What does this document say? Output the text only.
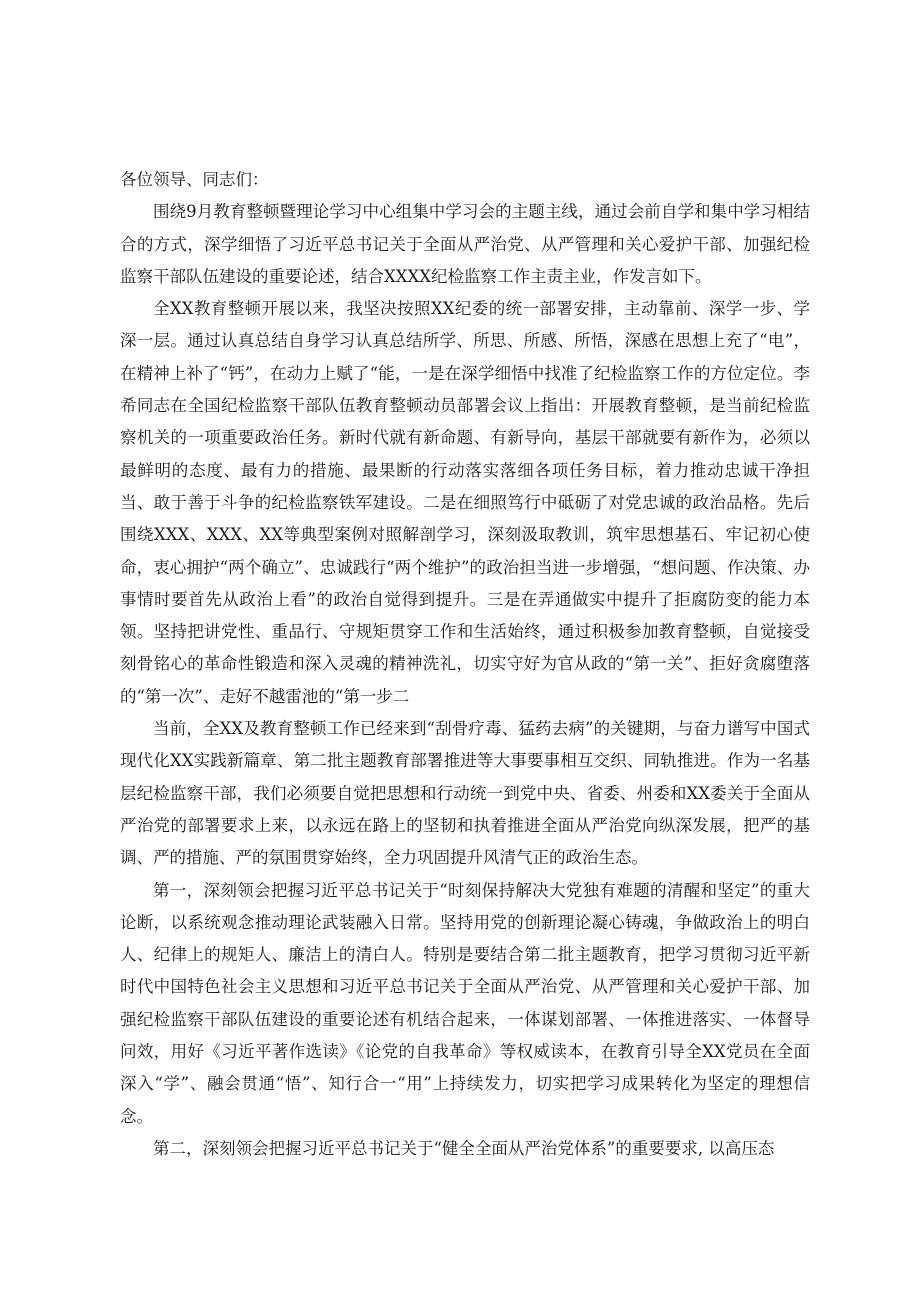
各位领导、同志们：

围绕9月教育整顿暨理论学习中心组集中学习会的主题主线，通过会前自学和集中学习相结合的方式，深学细悟了习近平总书记关于全面从严治党、从严管理和关心爱护干部、加强纪检监察干部队伍建设的重要论述，结合XXXX纪检监察工作主责主业，作发言如下。

全XX教育整顿开展以来，我坚决按照XX纪委的统一部署安排，主动靠前、深学一步、学深一层。通过认真总结自身学习认真总结所学、所思、所感、所悟，深感在思想上充了“电”，在精神上补了“钙”，在动力上赋了“能，一是在深学细悟中找准了纪检监察工作的方位定位。李希同志在全国纪检监察干部队伍教育整顿动员部署会议上指出：开展教育整顿，是当前纪检监察机关的一项重要政治任务。新时代就有新命题、有新导向，基层干部就要有新作为，必须以最鲜明的态度、最有力的措施、最果断的行动落实落细各项任务目标，着力推动忠诚干净担当、敢于善于斗争的纪检监察铁军建设。二是在细照笃行中砥砺了对党忠诚的政治品格。先后围绕XXX、XXX、XX等典型案例对照解剖学习，深刻汲取教训，筑牢思想基石、牢记初心使命，衷心拥护“两个确立”、忠诚践行“两个维护”的政治担当进一步增强，“想问题、作决策、办事情时要首先从政治上看”的政治自觉得到提升。三是在弄通做实中提升了拒腐防变的能力本领。坚持把讲党性、重品行、守规矩贯穿工作和生活始终，通过积极参加教育整顿，自觉接受刻骨铭心的革命性锻造和深入灵魂的精神洗礼，切实守好为官从政的“第一关”、拒好贪腐堕落的“第一次”、走好不越雷池的“第一步二

当前，全XX及教育整顿工作已经来到“刮骨疗毒、猛药去病”的关键期，与奋力谱写中国式现代化XX实践新篇章、第二批主题教育部署推进等大事要事相互交织、同轨推进。作为一名基层纪检监察干部，我们必须要自觉把思想和行动统一到党中央、省委、州委和XX委关于全面从严治党的部署要求上来，以永远在路上的坚韧和执着推进全面从严治党向纵深发展，把严的基调、严的措施、严的氛围贯穿始终，全力巩固提升风清气正的政治生态。

第一，深刻领会把握习近平总书记关于“时刻保持解决大党独有难题的清醒和坚定”的重大论断，以系统观念推动理论武装融入日常。坚持用党的创新理论凝心铸魂，争做政治上的明白人、纪律上的规矩人、廉洁上的清白人。特别是要结合第二批主题教育，把学习贯彻习近平新时代中国特色社会主义思想和习近平总书记关于全面从严治党、从严管理和关心爱护干部、加强纪检监察干部队伍建设的重要论述有机结合起来，一体谋划部署、一体推进落实、一体督导问效，用好《习近平著作选读》《论党的自我革命》等权威读本，在教育引导全XX党员在全面深入“学”、融会贯通“悟”、知行合一“用”上持续发力，切实把学习成果转化为坚定的理想信念。

第二，深刻领会把握习近平总书记关于“健全全面从严治党体系”的重要要求, 以高压态
